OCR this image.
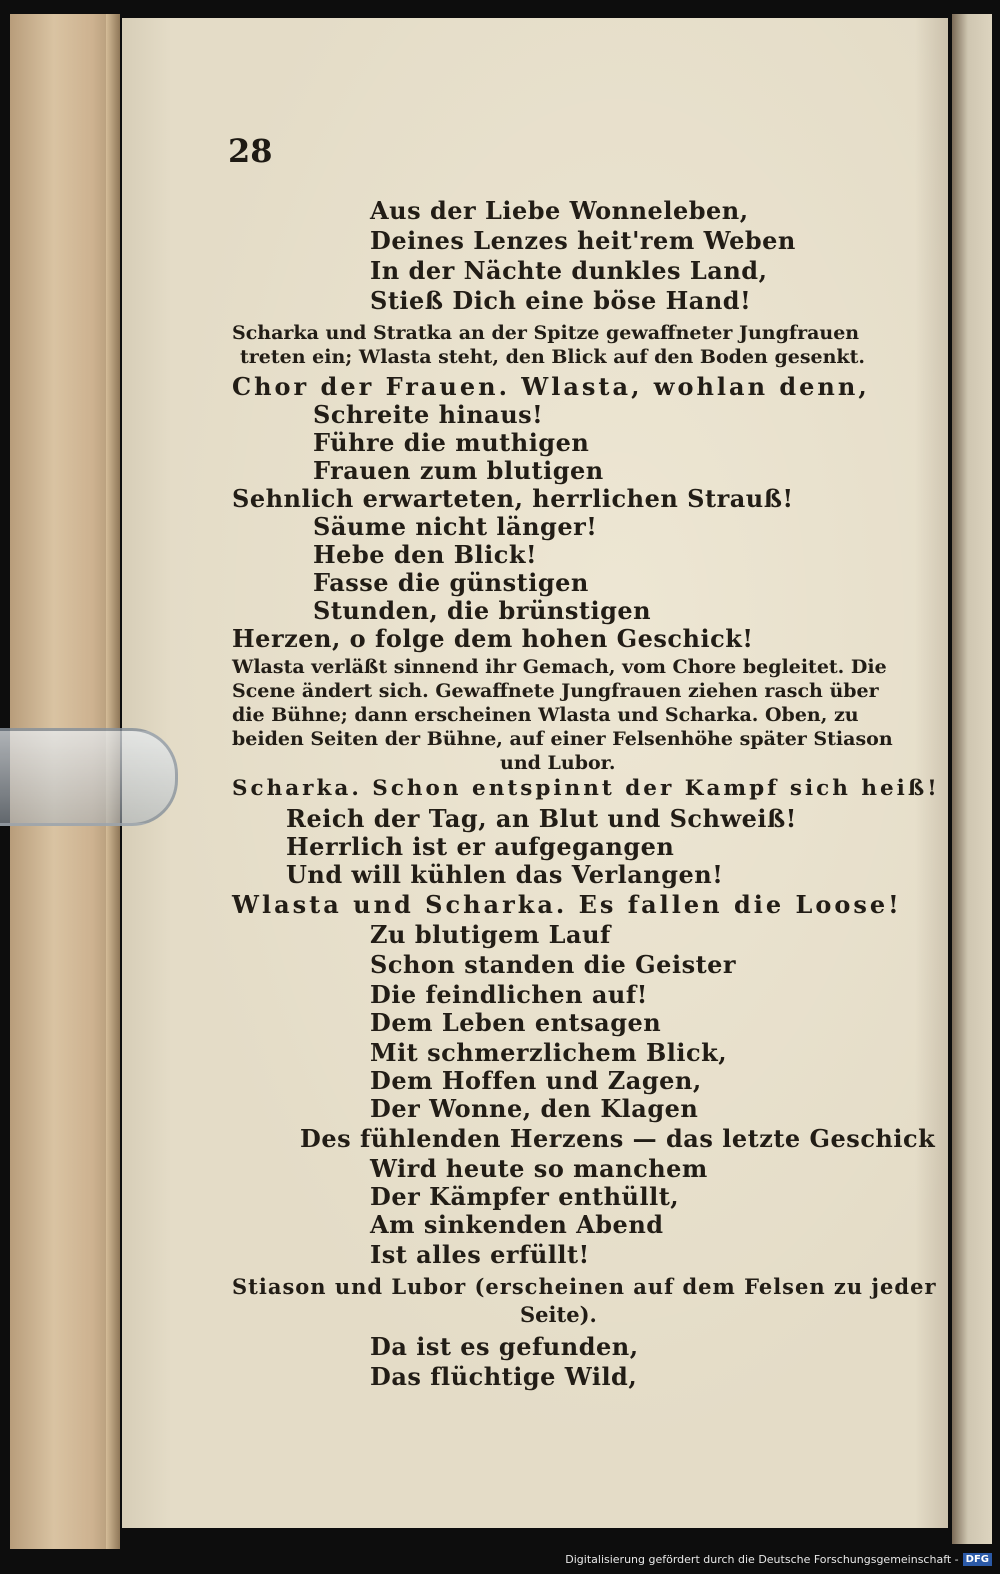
28
Aus der Liebe Wonneleben,
Deines Lenzes heit'rem Weben
In der Nächte dunkles Land,
Stieß Dich eine böse Hand!
Scharka und Stratka an der Spitze gewaffneter Jungfrauen
treten ein; Wlasta steht, den Blick auf den Boden gesenkt.
Chor der Frauen. Wlasta, wohlan denn,
Schreite hinaus!
Führe die muthigen
Frauen zum blutigen
Sehnlich erwarteten, herrlichen Strauß!
Säume nicht länger!
Hebe den Blick!
Fasse die günstigen
Stunden, die brünstigen
Herzen, o folge dem hohen Geschick!
Wlasta verläßt sinnend ihr Gemach, vom Chore begleitet. Die
Scene ändert sich. Gewaffnete Jungfrauen ziehen rasch über
die Bühne; dann erscheinen Wlasta und Scharka. Oben, zu
beiden Seiten der Bühne, auf einer Felsenhöhe später Stiason
und Lubor.
Scharka. Schon entspinnt der Kampf sich heiß!
Reich der Tag, an Blut und Schweiß!
Herrlich ist er aufgegangen
Und will kühlen das Verlangen!
Wlasta und Scharka. Es fallen die Loose!
Zu blutigem Lauf
Schon standen die Geister
Die feindlichen auf!
Dem Leben entsagen
Mit schmerzlichem Blick,
Dem Hoffen und Zagen,
Der Wonne, den Klagen
Des fühlenden Herzens — das letzte Geschick
Wird heute so manchem
Der Kämpfer enthüllt,
Am sinkenden Abend
Ist alles erfüllt!
Stiason und Lubor (erscheinen auf dem Felsen zu jeder
Seite).
Da ist es gefunden,
Das flüchtige Wild,
Digitalisierung gefördert durch die Deutsche Forschungsgemeinschaft - DFG
